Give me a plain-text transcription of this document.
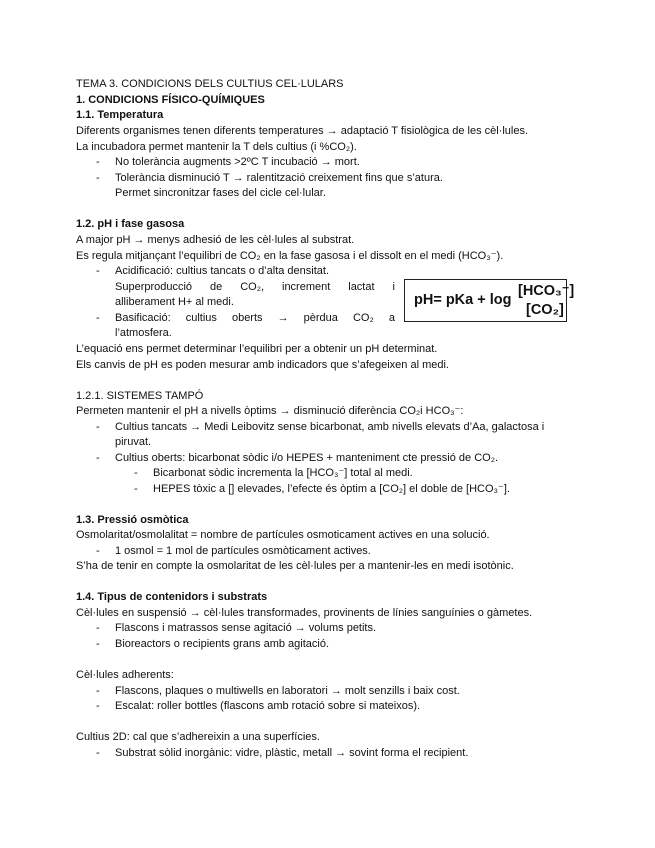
TEMA 3. CONDICIONS DELS CULTIUS CEL·LULARS
1. CONDICIONS FÍSICO-QUÍMIQUES
1.1. Temperatura
Diferents organismes tenen diferents temperatures → adaptació T fisiològica de les cèl·lules.
La incubadora permet mantenir la T dels cultius (i %CO₂).
- No tolerància augments >2ºC T incubació → mort.
- Tolerància disminució T → ralentització creixement fins que s’atura.
Permet sincronitzar fases del cicle cel·lular.
1.2. pH i fase gasosa
A major pH → menys adhesió de les cèl·lules al substrat.
Es regula mitjançant l’equilibri de CO₂ en la fase gasosa i el dissolt en el medi (HCO₃⁻).
- Acidificació: cultius tancats o d’alta densitat.
Superproducció de CO₂, increment lactat i
alliberament H+ al medi.
- Basificació: cultius oberts → pèrdua CO₂ a
l’atmosfera.
pH= pKa + log
[HCO₃⁻]
[CO₂]
L’equació ens permet determinar l’equilibri per a obtenir un pH determinat.
Els canvis de pH es poden mesurar amb indicadors que s’afegeixen al medi.
1.2.1. SISTEMES TAMPÓ
Permeten mantenir el pH a nivells òptims → disminució diferència CO₂i HCO₃⁻:
- Cultius tancats → Medi Leibovitz sense bicarbonat, amb nivells elevats d’Aa, galactosa i
piruvat.
- Cultius oberts: bicarbonat sòdic i/o HEPES + manteniment cte pressió de CO₂.
- Bicarbonat sòdic incrementa la [HCO₃⁻] total al medi.
- HEPES tòxic a [] elevades, l’efecte és òptim a [CO₂] el doble de [HCO₃⁻].
1.3. Pressió osmòtica
Osmolaritat/osmolalitat = nombre de partícules osmoticament actives en una solució.
- 1 osmol = 1 mol de partícules osmòticament actives.
S’ha de tenir en compte la osmolaritat de les cèl·lules per a mantenir-les en medi isotònic.
1.4. Tipus de contenidors i substrats
Cèl·lules en suspensió → cèl·lules transformades, provinents de línies sanguínies o gàmetes.
- Flascons i matrassos sense agitació → volums petits.
- Bioreactors o recipients grans amb agitació.
Cèl·lules adherents:
- Flascons, plaques o multiwells en laboratori → molt senzills i baix cost.
- Escalat: roller bottles (flascons amb rotació sobre si mateixos).
Cultius 2D: cal que s’adhereixin a una superfícies.
- Substrat sòlid inorgànic: vidre, plàstic, metall → sovint forma el recipient.
